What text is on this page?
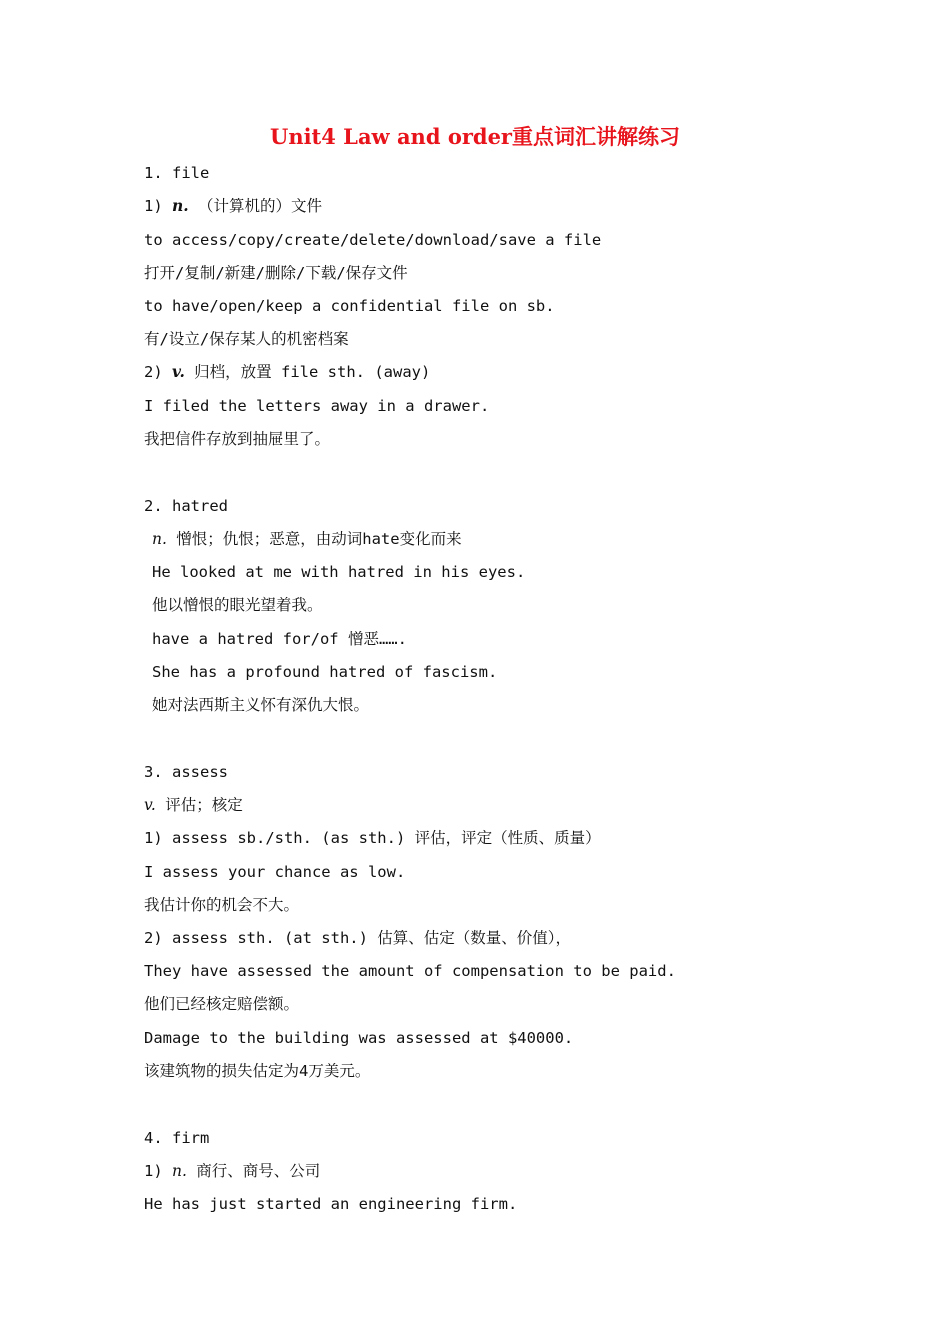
Unit4 Law and order重点词汇讲解练习
1. file
1) n. （计算机的）文件
to access/copy/create/delete/download/save a file
打开/复制/新建/删除/下载/保存文件
to have/open/keep a confidential file on sb.
有/设立/保存某人的机密档案
2) v. 归档，放置 file sth. (away)
I filed the letters away in a drawer.
我把信件存放到抽屉里了。
2. hatred
n. 憎恨；仇恨；恶意，由动词hate变化而来
He looked at me with hatred in his eyes.
他以憎恨的眼光望着我。
have a hatred for/of 憎恶…….
She has a profound hatred of fascism.
她对法西斯主义怀有深仇大恨。
3. assess
v. 评估；核定
1) assess sb./sth. (as sth.) 评估，评定（性质、质量）
I assess your chance as low.
我估计你的机会不大。
2) assess sth. (at sth.) 估算、估定（数量、价值），
They have assessed the amount of compensation to be paid.
他们已经核定赔偿额。
Damage to the building was assessed at $40000.
该建筑物的损失估定为4万美元。
4. firm
1) n. 商行、商号、公司
He has just started an engineering firm.
